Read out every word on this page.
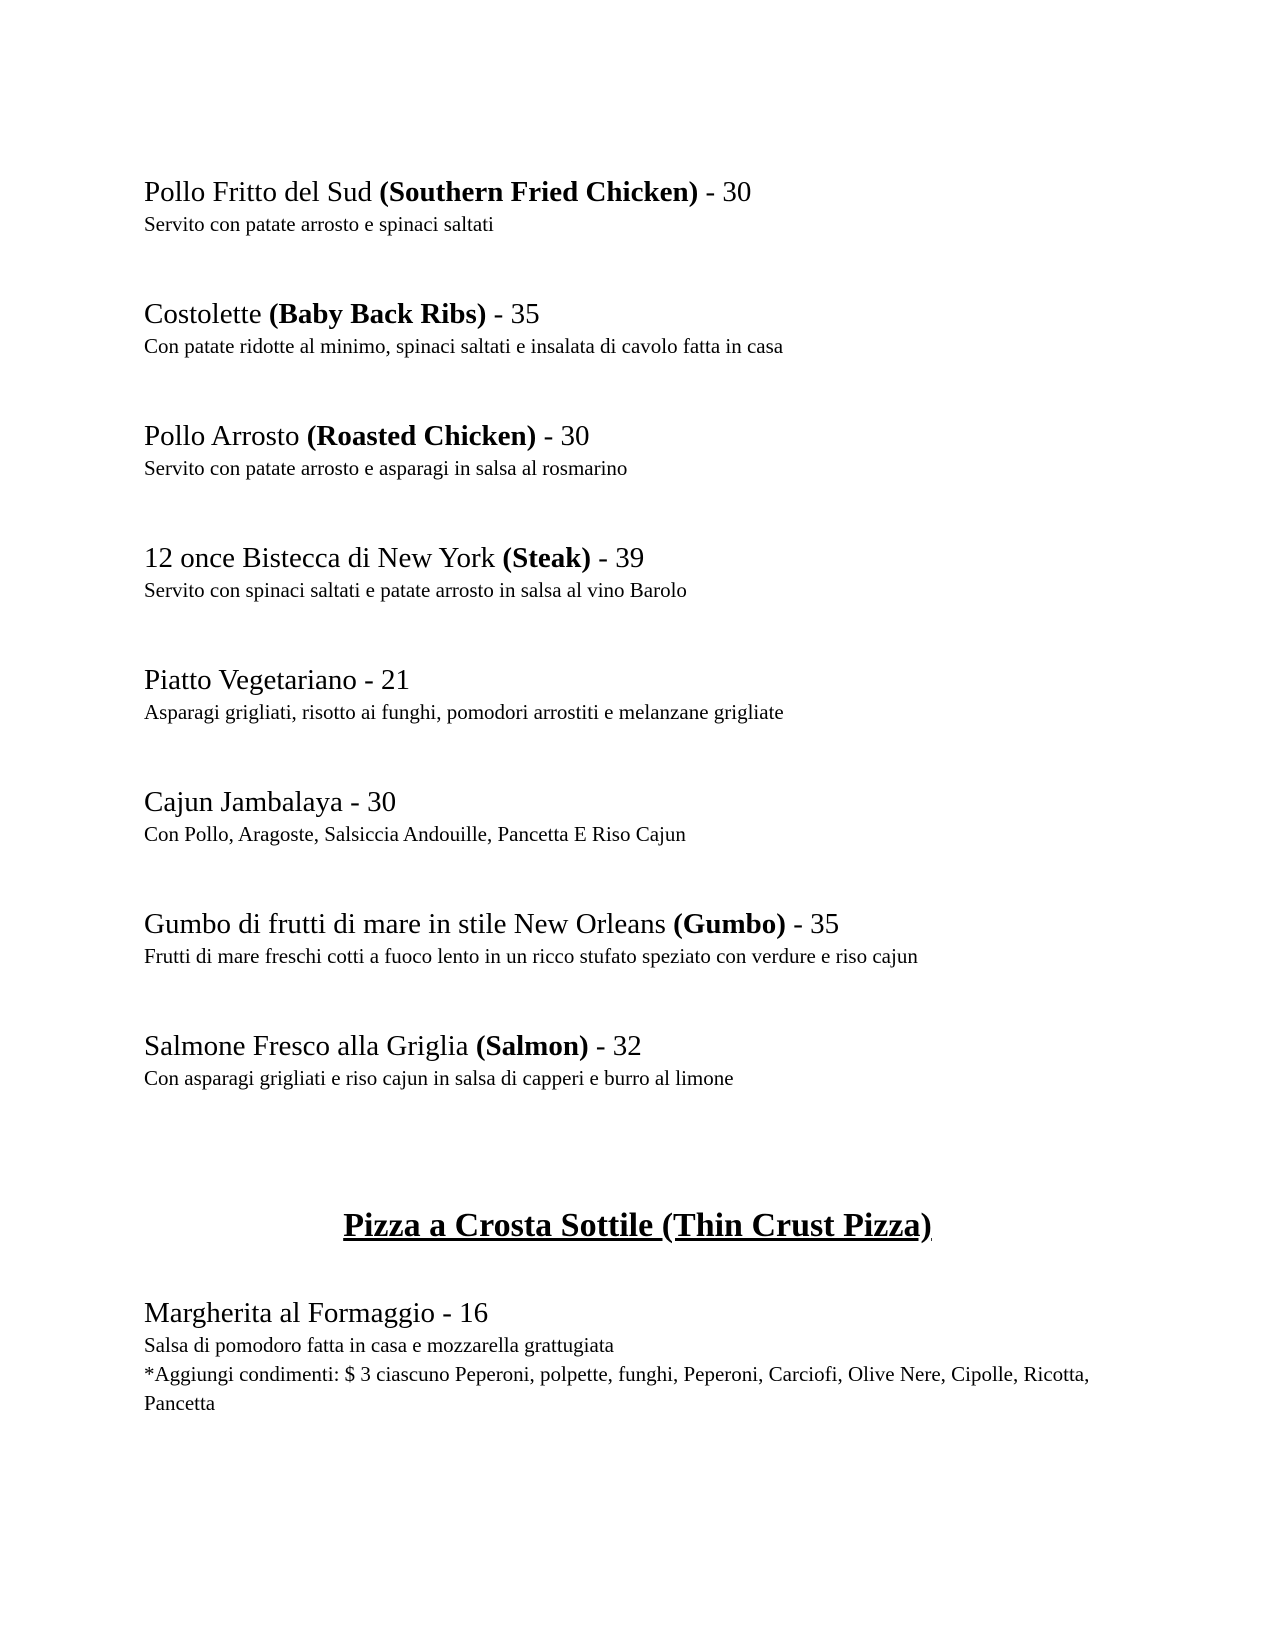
Pollo Fritto del Sud (Southern Fried Chicken) - 30
Servito con patate arrosto e spinaci saltati
Costolette (Baby Back Ribs) - 35
Con patate ridotte al minimo, spinaci saltati e insalata di cavolo fatta in casa
Pollo Arrosto (Roasted Chicken) - 30
Servito con patate arrosto e asparagi in salsa al rosmarino
12 once Bistecca di New York (Steak) - 39
Servito con spinaci saltati e patate arrosto in salsa al vino Barolo
Piatto Vegetariano - 21
Asparagi grigliati, risotto ai funghi, pomodori arrostiti e melanzane grigliate
Cajun Jambalaya - 30
Con Pollo, Aragoste, Salsiccia Andouille, Pancetta E Riso Cajun
Gumbo di frutti di mare in stile New Orleans (Gumbo) - 35
Frutti di mare freschi cotti a fuoco lento in un ricco stufato speziato con verdure e riso cajun
Salmone Fresco alla Griglia (Salmon) - 32
Con asparagi grigliati e riso cajun in salsa di capperi e burro al limone
Pizza a Crosta Sottile (Thin Crust Pizza)
Margherita al Formaggio - 16
Salsa di pomodoro fatta in casa e mozzarella grattugiata
*Aggiungi condimenti: $ 3 ciascuno Peperoni, polpette, funghi, Peperoni, Carciofi, Olive Nere, Cipolle, Ricotta,
Pancetta
